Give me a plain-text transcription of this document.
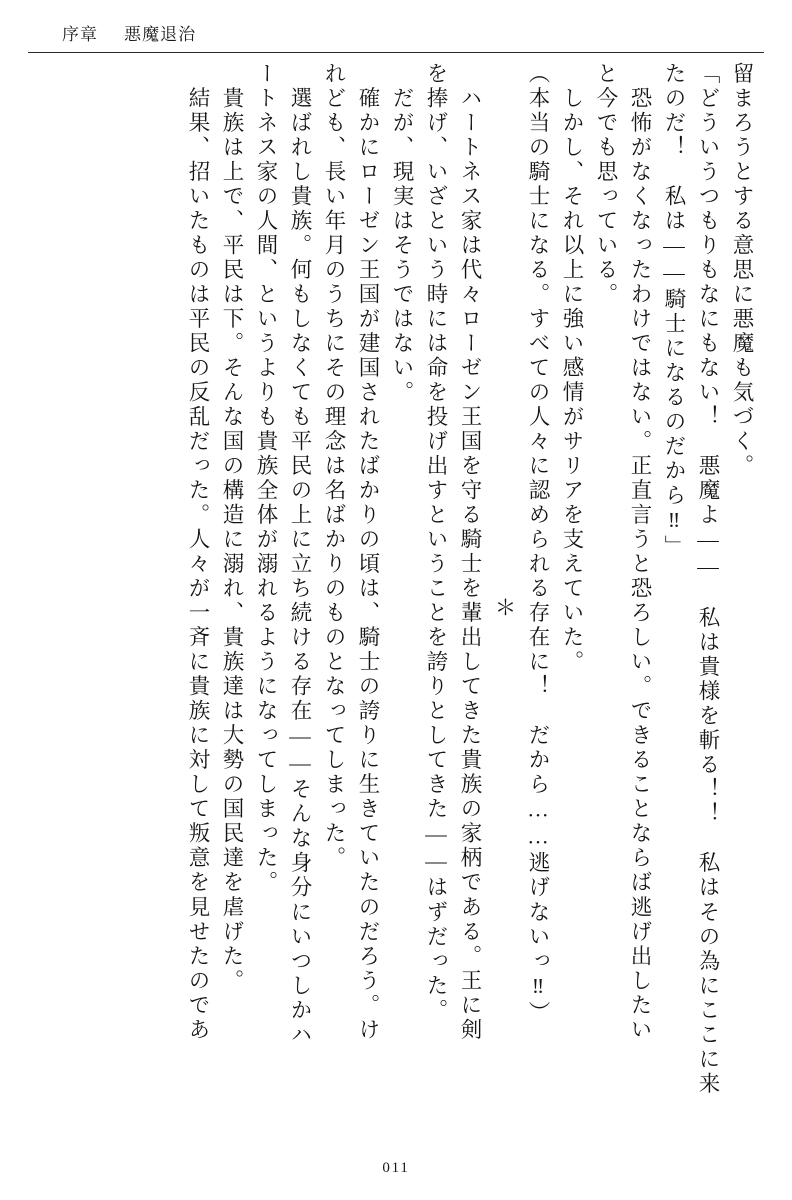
序章 悪魔退治
留まろうとする意思に悪魔も気づく。
「どういうつもりもなにもない！　悪魔よ――　私は貴様を斬る！！　私はその為にここに来
たのだ！　私は――騎士になるのだから‼」
　恐怖がなくなったわけではない。正直言うと恐ろしい。できることならば逃げ出したい
と今でも思っている。
　しかし、それ以上に強い感情がサリアを支えていた。
（本当の騎士になる。すべての人々に認められる存在に！　だから……逃げないっ‼）
＊
　ハートネス家は代々ローゼン王国を守る騎士を輩出してきた貴族の家柄である。王に剣
を捧げ、いざという時には命を投げ出すということを誇りとしてきた――はずだった。
　だが、現実はそうではない。
　確かにローゼン王国が建国されたばかりの頃は、騎士の誇りに生きていたのだろう。け
れども、長い年月のうちにその理念は名ばかりのものとなってしまった。
　選ばれし貴族。何もしなくても平民の上に立ち続ける存在――そんな身分にいつしかハ
ートネス家の人間、というよりも貴族全体が溺れるようになってしまった。
　貴族は上で、平民は下。そんな国の構造に溺れ、貴族達は大勢の国民達を虐げた。
　結果、招いたものは平民の反乱だった。人々が一斉に貴族に対して叛意を見せたのであ
011
